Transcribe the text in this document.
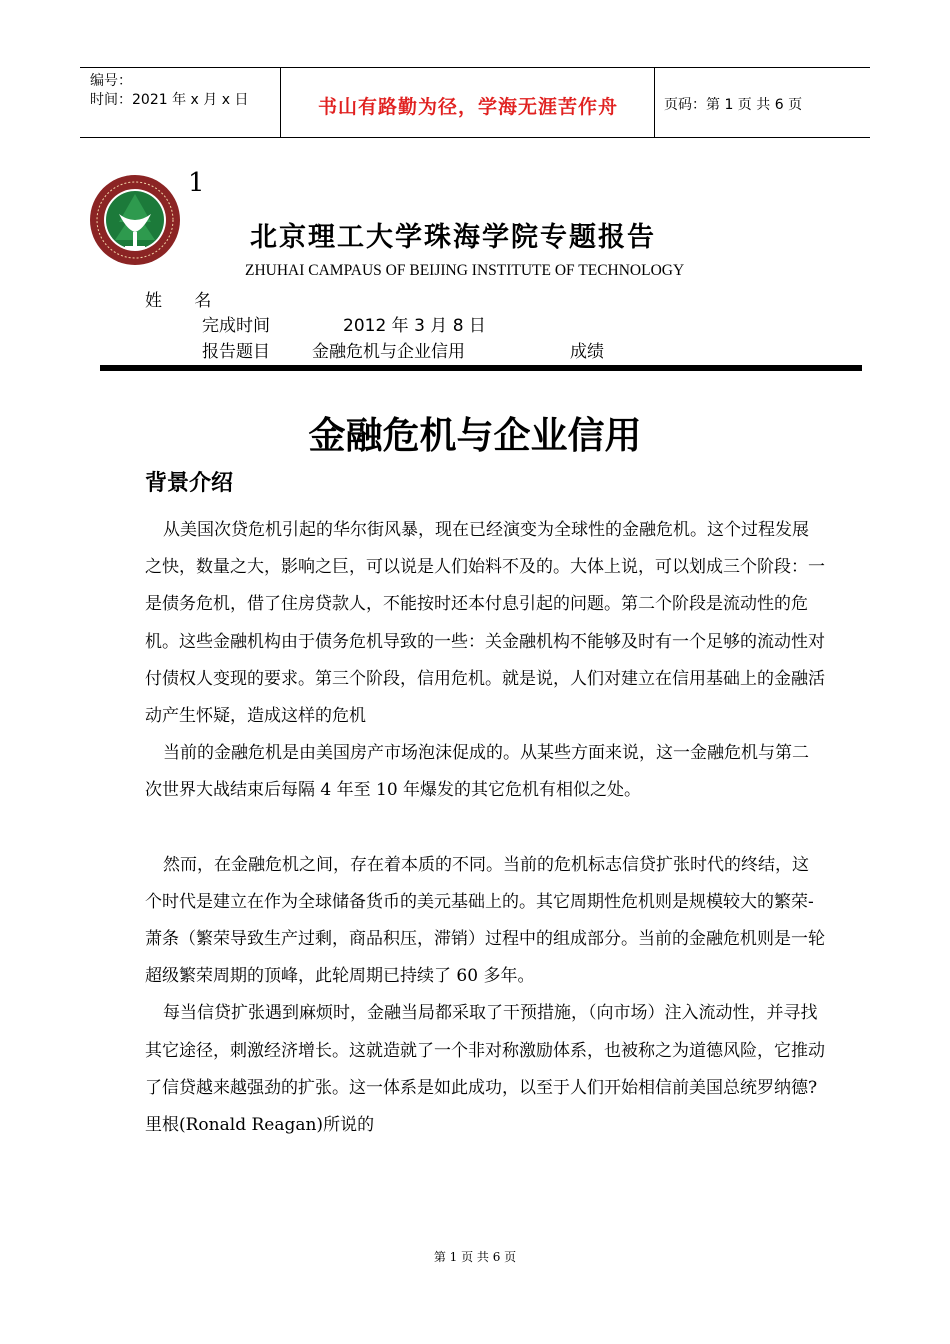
编号：
时间：2021 年 x 月 x 日	书山有路勤为径，学海无涯苦作舟	页码：第 1 页 共 6 页
1
北京理工大学珠海学院专题报告
ZHUHAI CAMPAUS OF BEIJING INSTITUTE OF TECHNOLOGY
姓      名
完成时间	2012 年 3 月 8 日
报告题目 金融危机与企业信用	成绩
金融危机与企业信用
背景介绍

从美国次贷危机引起的华尔街风暴，现在已经演变为全球性的金融危机。这个过程发展之快，数量之大，影响之巨，可以说是人们始料不及的。大体上说，可以划成三个阶段：一是债务危机，借了住房贷款人，不能按时还本付息引起的问题。第二个阶段是流动性的危机。这些金融机构由于债务危机导致的一些：关金融机构不能够及时有一个足够的流动性对付债权人变现的要求。第三个阶段，信用危机。就是说，人们对建立在信用基础上的金融活动产生怀疑，造成这样的危机

当前的金融危机是由美国房产市场泡沫促成的。从某些方面来说，这一金融危机与第二次世界大战结束后每隔 4 年至 10 年爆发的其它危机有相似之处。

然而，在金融危机之间，存在着本质的不同。当前的危机标志信贷扩张时代的终结，这个时代是建立在作为全球储备货币的美元基础上的。其它周期性危机则是规模较大的繁荣-萧条（繁荣导致生产过剩，商品积压，滞销）过程中的组成部分。当前的金融危机则是一轮超级繁荣周期的顶峰，此轮周期已持续了 60 多年。

每当信贷扩张遇到麻烦时，金融当局都采取了干预措施，（向市场）注入流动性，并寻找其它途径，刺激经济增长。这就造就了一个非对称激励体系，也被称之为道德风险，它推动了信贷越来越强劲的扩张。这一体系是如此成功，以至于人们开始相信前美国总统罗纳德?里根(Ronald Reagan)所说的

第 1 页 共 6 页
